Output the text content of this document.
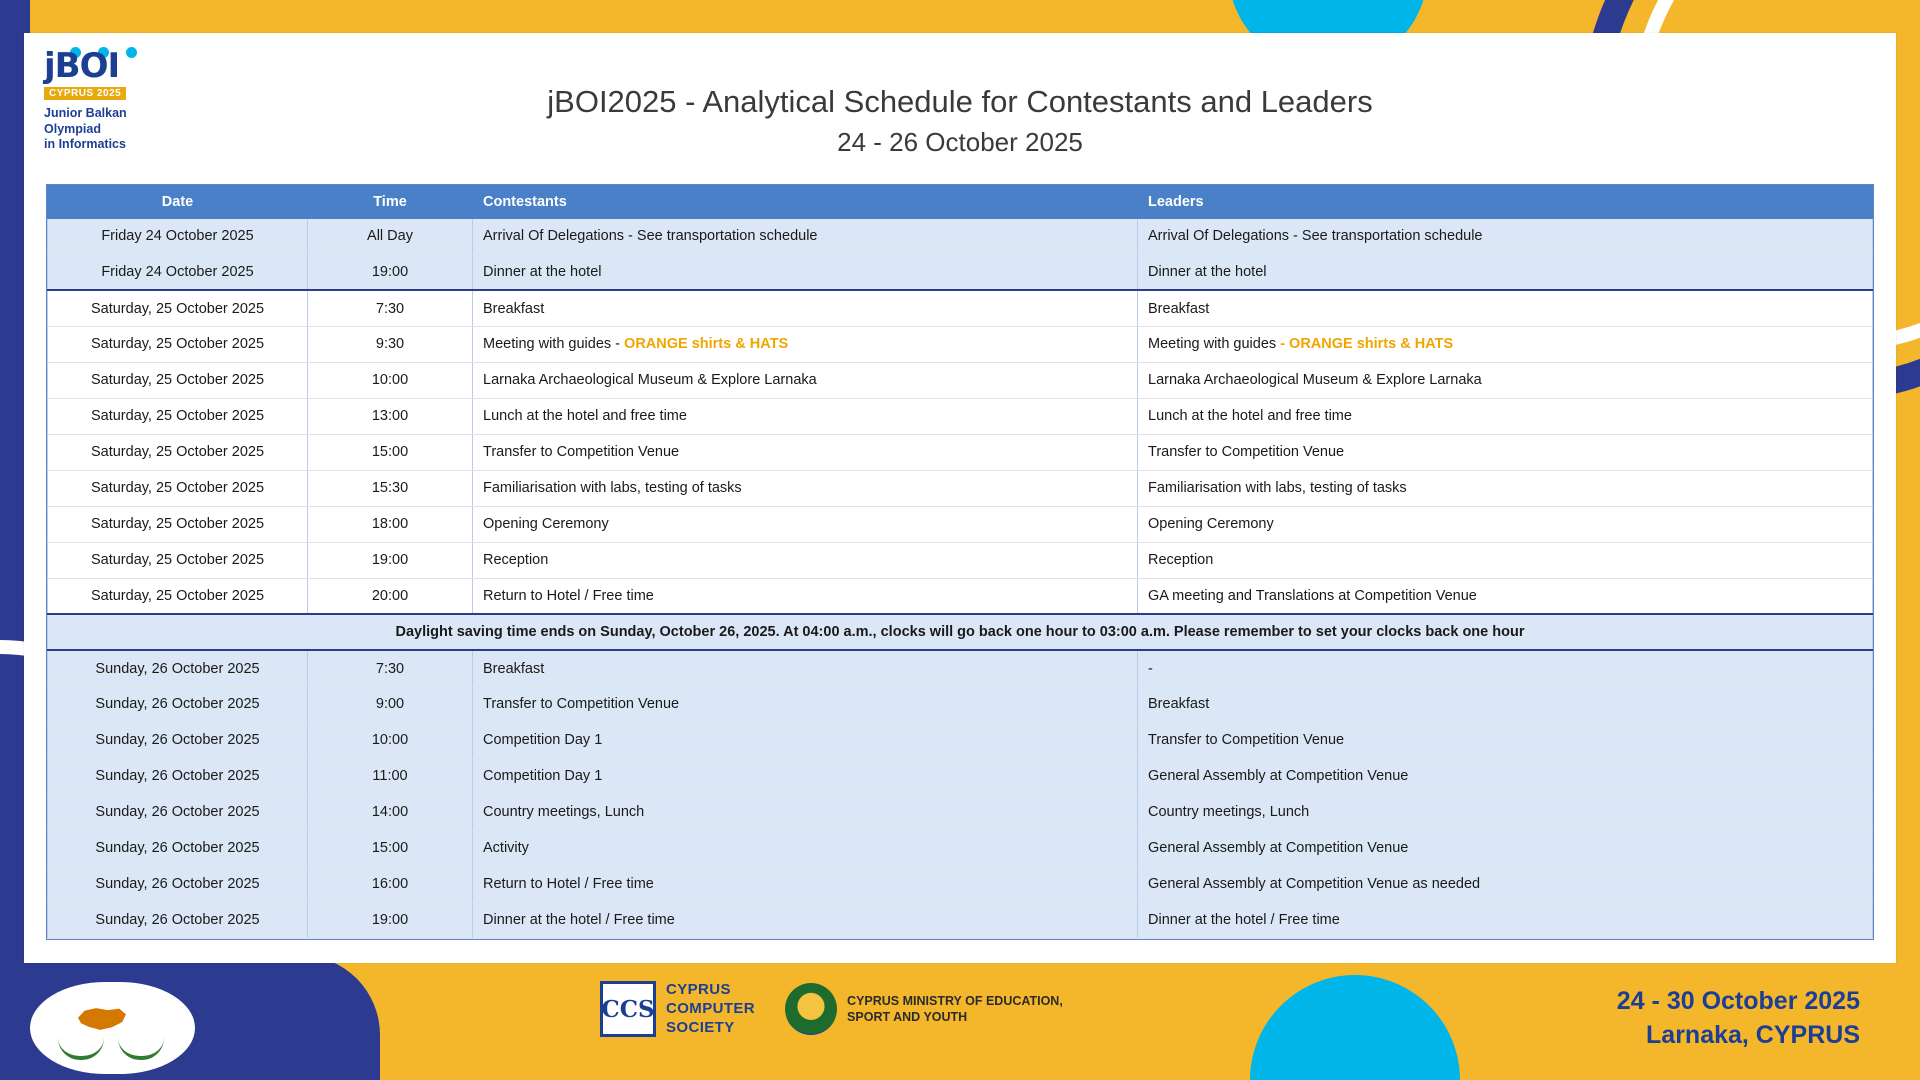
jBOI
CYPRUS 2025
Junior Balkan
Olympiad
in Informatics
jBOI2025 - Analytical Schedule for Contestants and Leaders
24 - 26 October 2025
Date	Time	Contestants	Leaders
Friday 24 October 2025	All Day	Arrival Of Delegations - See transportation schedule	Arrival Of Delegations - See transportation schedule
Friday 24 October 2025	19:00	Dinner at the hotel	Dinner at the hotel
Saturday, 25 October 2025	7:30	Breakfast	Breakfast
Saturday, 25 October 2025	9:30	Meeting with guides - ORANGE shirts & HATS	Meeting with guides - ORANGE shirts & HATS
Saturday, 25 October 2025	10:00	Larnaka Archaeological Museum & Explore Larnaka	Larnaka Archaeological Museum & Explore Larnaka
Saturday, 25 October 2025	13:00	Lunch at the hotel and free time	Lunch at the hotel and free time
Saturday, 25 October 2025	15:00	Transfer to Competition Venue	Transfer to Competition Venue
Saturday, 25 October 2025	15:30	Familiarisation with labs, testing of tasks	Familiarisation with labs, testing of tasks
Saturday, 25 October 2025	18:00	Opening Ceremony	Opening Ceremony
Saturday, 25 October 2025	19:00	Reception	Reception
Saturday, 25 October 2025	20:00	Return to Hotel / Free time	GA meeting and Translations at Competition Venue
Daylight saving time ends on Sunday, October 26, 2025. At 04:00 a.m., clocks will go back one hour to 03:00 a.m. Please remember to set your clocks back one hour			
Sunday, 26 October 2025	7:30	Breakfast	-
Sunday, 26 October 2025	9:00	Transfer to Competition Venue	Breakfast
Sunday, 26 October 2025	10:00	Competition Day 1	Transfer to Competition Venue
Sunday, 26 October 2025	11:00	Competition Day 1	General Assembly at Competition Venue
Sunday, 26 October 2025	14:00	Country meetings, Lunch	Country meetings, Lunch
Sunday, 26 October 2025	15:00	Activity	General Assembly at Competition Venue
Sunday, 26 October 2025	16:00	Return to Hotel / Free time	General Assembly at Competition Venue as needed
Sunday, 26 October 2025	19:00	Dinner at the hotel / Free time	Dinner at the hotel / Free time
CCS
CYPRUS
COMPUTER
SOCIETY
CYPRUS MINISTRY OF EDUCATION,
SPORT AND YOUTH
24 - 30 October 2025
Larnaka, CYPRUS
